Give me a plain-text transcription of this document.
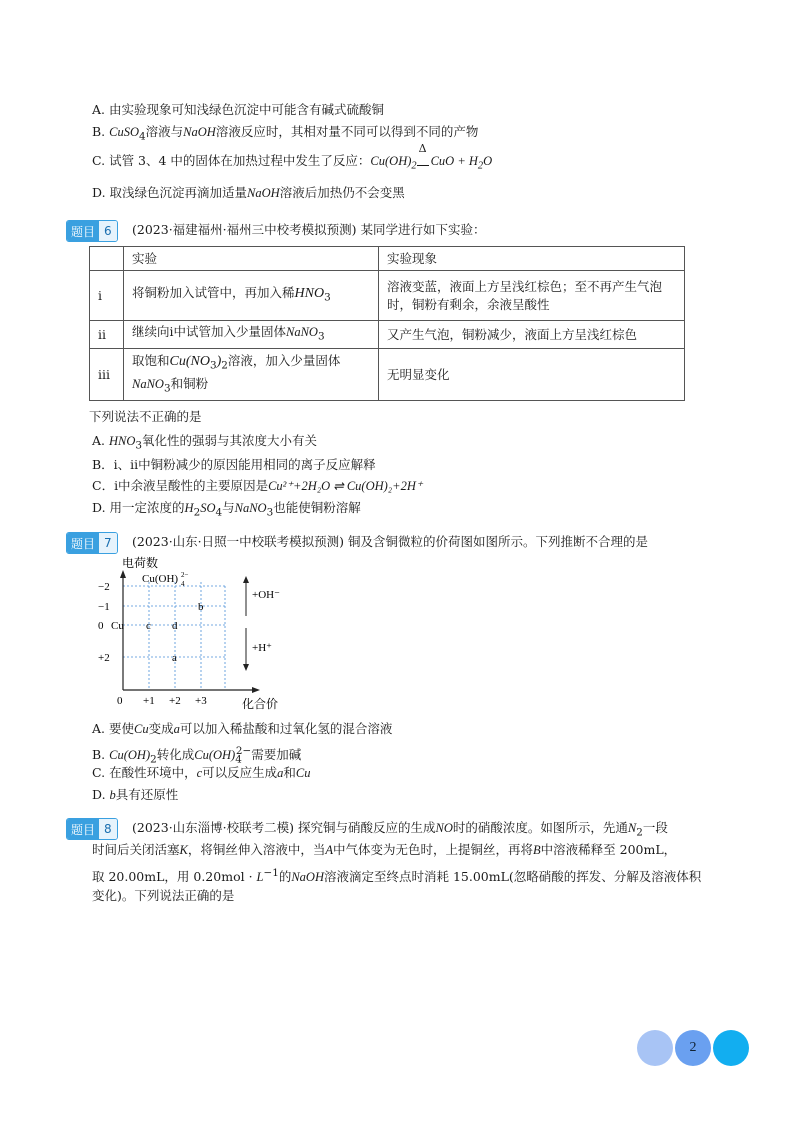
A. 由实验现象可知浅绿色沉淀中可能含有碱式硫酸铜
B. CuSO$_4$溶液与NaOH溶液反应时，其相对量不同可以得到不同的产物
C. 试管 3、4 中的固体在加热过程中发生了反应：$Cu(OH)_2$
Δ
CuO + $H_2O$
D. 取浅绿色沉淀再滴加适量NaOH溶液后加热仍不会变黑
题目 6	(2023·福建福州·福州三中校考模拟预测) 某同学进行如下实验：
	实验	实验现象
i	将铜粉加入试管中，再加入稀$HNO_3$	溶液变蓝，液面上方呈浅红棕色；至不再产生气泡
时，铜粉有剩余，余液呈酸性
ii	继续向i中试管加入少量固体NaNO$_3$	又产生气泡，铜粉减少，液面上方呈浅红棕色
iii	取饱和$Cu(NO_3)_2$溶液，加入少量固体
NaNO$_3$和铜粉	无明显变化
下列说法不正确的是
A. $HNO_3$氧化性的强弱与其浓度大小有关
B．ⅰ、ⅱ中铜粉减少的原因能用相同的离子反应解释
C．ⅰ中余液呈酸性的主要原因是Cu²⁺+2H₂O ⇌ Cu(OH)₂+2H⁺
D. 用一定浓度的$H_2SO_4$与NaNO$_3$也能使铜粉溶解
题目 7	(2023·山东·日照一中校联考模拟预测) 铜及含铜微粒的价荷图如图所示。下列推断不合理的是
电荷数
化合价
−2
−1
0
+2
0 +1 +2 +3
Cu(OH) 4
2−
b
Cu c d
a
+OH⁻
+H⁺
A. 要使Cu变成a可以加入稀盐酸和过氧化氢的混合溶液
B. $Cu(OH)_2$转化成$Cu(OH)_4^{2-}$需要加碱
C. 在酸性环境中，c可以反应生成a和Cu
D. b具有还原性
题目 8	(2023·山东淄博·校联考二模) 探究铜与硝酸反应的生成NO时的硝酸浓度。如图所示，先通$N_2$一段
时间后关闭活塞K，将铜丝伸入溶液中，当A中气体变为无色时，上提铜丝，再将B中溶液稀释至 200mL，
取 20.00mL，用 $0.20mol \cdot L^{-1}$的NaOH溶液滴定至终点时消耗 15.00mL(忽略硝酸的挥发、分解及溶液体积
变化)。下列说法正确的是
2
